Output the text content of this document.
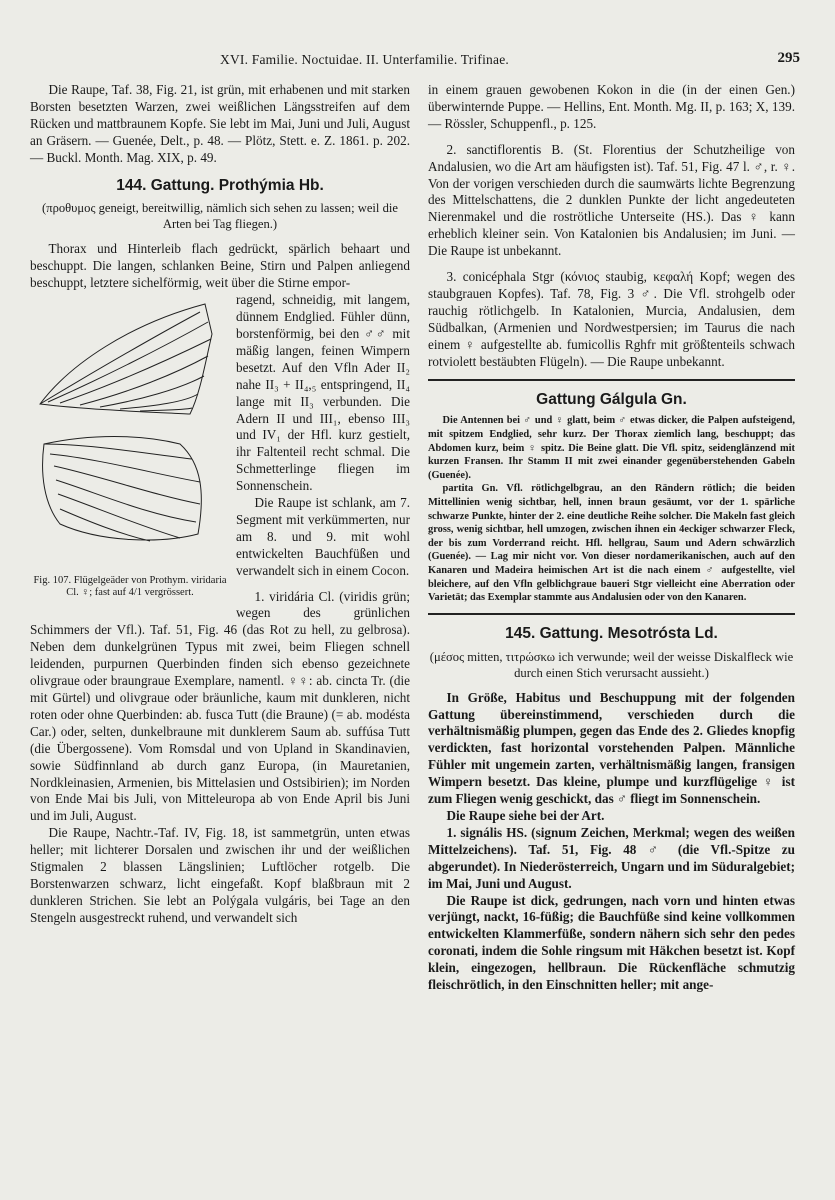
XVI. Familie. Noctuidae. II. Unterfamilie. Trifinae.	295

Die Raupe, Taf. 38, Fig. 21, ist grün, mit erhabenen und mit starken Borsten besetzten Warzen, zwei weißlichen Längsstreifen auf dem Rücken und mattbraunem Kopfe. Sie lebt im Mai, Juni und Juli, August an Gräsern. — Guenée, Delt., p. 48. — Plötz, Stett. e. Z. 1861. p. 202. — Buckl. Month. Mag. XIX, p. 49.

144. Gattung. Prothýmia Hb.

(προθυμος geneigt, bereitwillig, nämlich sich sehen zu lassen; weil die Arten bei Tag fliegen.)

Thorax und Hinterleib flach gedrückt, spärlich behaart und beschuppt. Die langen, schlanken Beine, Stirn und Palpen anliegend beschuppt, letztere sichelförmig, weit über die Stirne empor-

Fig. 107. Flügelgeäder von Prothym. viridaria Cl. ♀; fast auf 4/1 vergrössert.

ragend, schneidig, mit langem, dünnem Endglied. Fühler dünn, borstenförmig, bei den ♂♂ mit mäßig langen, feinen Wimpern besetzt. Auf den Vfln Ader II₂ nahe II₃ + II₄,₅ entspringend, II₄ lange mit II₃ verbunden. Die Adern II und III₁, ebenso III₃ und IV₁ der Hfl. kurz gestielt, ihr Faltenteil recht schmal. Die Schmetterlinge fliegen im Sonnenschein.

Die Raupe ist schlank, am 7. Segment mit verkümmerten, nur am 8. und 9. mit wohl entwickelten Bauchfüßen und verwandelt sich in einem Cocon.

1. viridária Cl. (viridis grün; wegen des grünlichen Schimmers der Vfl.). Taf. 51, Fig. 46 (das Rot zu hell, zu gelbrosa). Neben dem dunkelgrünen Typus mit zwei, beim Fliegen schnell leidenden, purpurnen Querbinden finden sich ebenso gezeichnete olivgraue oder braungraue Exemplare, namentl. ♀♀: ab. cincta Tr. (die mit Gürtel) und olivgraue oder bräunliche, kaum mit dunkleren, nicht roten oder ohne Querbinden: ab. fusca Tutt (die Braune) (= ab. modésta Car.) oder, selten, dunkelbraune mit dunklerem Saum ab. suffúsa Tutt (die Übergossene). Vom Romsdal und von Upland in Skandinavien, sowie Südfinnland ab durch ganz Europa, (in Mauretanien, Nordkleinasien, Armenien, bis Mittelasien und Ostsibirien); im Norden von Ende Mai bis Juli, von Mitteleuropa ab von Ende April bis Juni und im Juli, August.

Die Raupe, Nachtr.-Taf. IV, Fig. 18, ist sammetgrün, unten etwas heller; mit lichterer Dorsalen und zwischen ihr und der weißlichen Stigmalen 2 blassen Längslinien; Luftlöcher rotgelb. Die Borstenwarzen schwarz, licht eingefaßt. Kopf blaßbraun mit 2 dunkleren Strichen. Sie lebt an Polýgala vulgáris, bei Tage an den Stengeln ausgestreckt ruhend, und verwandelt sich

in einem grauen gewobenen Kokon in die (in der einen Gen.) überwinternde Puppe. — Hellins, Ent. Month. Mg. II, p. 163; X, 139. — Rössler, Schuppenfl., p. 125.

2. sanctiflorentis B. (St. Florentius der Schutzheilige von Andalusien, wo die Art am häufigsten ist). Taf. 51, Fig. 47 l. ♂, r. ♀. Von der vorigen verschieden durch die saumwärts lichte Begrenzung des Mittelschattens, die 2 dunklen Punkte der licht angedeuteten Nierenmakel und die roströtliche Unterseite (HS.). Das ♀ kann erheblich kleiner sein. Von Katalonien bis Andalusien; im Juni. — Die Raupe ist unbekannt.

3. conicéphala Stgr (κόνιος staubig, κεφαλή Kopf; wegen des staubgrauen Kopfes). Taf. 78, Fig. 3 ♂. Die Vfl. strohgelb oder rauchig rötlichgelb. In Katalonien, Murcia, Andalusien, dem Südbalkan, (Armenien und Nordwestpersien; im Taurus die nach einem ♀ aufgestellte ab. fumicollis Rghfr mit größtenteils schwach rotviolett bestäubten Flügeln). — Die Raupe unbekannt.

Gattung Gálgula Gn.

Die Antennen bei ♂ und ♀ glatt, beim ♂ etwas dicker, die Palpen aufsteigend, mit spitzem Endglied, sehr kurz. Der Thorax ziemlich lang, beschuppt; das Abdomen kurz, beim ♀ spitz. Die Beine glatt. Die Vfl. spitz, seidenglänzend mit kurzen Fransen. Ihr Stamm II mit zwei einander gegenüberstehenden Gabeln (Guenée).

partita Gn. Vfl. rötlichgelbgrau, an den Rändern rötlich; die beiden Mittellinien wenig sichtbar, hell, innen braun gesäumt, vor der 1. spärliche schwarze Punkte, hinter der 2. eine deutliche Reihe solcher. Die Makeln fast gleich gross, wenig sichtbar, hell umzogen, zwischen ihnen ein 4eckiger schwarzer Fleck, der bis zum Vorderrand reicht. Hfl. hellgrau, Saum und Adern schwärzlich (Guenée). — Lag mir nicht vor. Von dieser nordamerikanischen, auch auf den Kanaren und Madeira heimischen Art ist die nach einem ♂ aufgestellte, viel bleichere, auf den Vfln gelblichgraue baueri Stgr vielleicht eine Aberration oder Varietät; das Exemplar stammte aus Andalusien oder von den Kanaren.

145. Gattung. Mesotrósta Ld.

(μέσος mitten, τιτρώσκω ich verwunde; weil der weisse Diskalfleck wie durch einen Stich verursacht aussieht.)

In Größe, Habitus und Beschuppung mit der folgenden Gattung übereinstimmend, verschieden durch die verhältnismäßig plumpen, gegen das Ende des 2. Gliedes knopfig verdickten, fast horizontal vorstehenden Palpen. Männliche Fühler mit ungemein zarten, verhältnismäßig langen, fransigen Wimpern besetzt. Das kleine, plumpe und kurzflügelige ♀ ist zum Fliegen wenig geschickt, das ♂ fliegt im Sonnenschein.

Die Raupe siehe bei der Art.

1. signális HS. (signum Zeichen, Merkmal; wegen des weißen Mittelzeichens). Taf. 51, Fig. 48 ♂ (die Vfl.-Spitze zu abgerundet). In Niederösterreich, Ungarn und im Süduralgebiet; im Mai, Juni und August.

Die Raupe ist dick, gedrungen, nach vorn und hinten etwas verjüngt, nackt, 16-füßig; die Bauchfüße sind keine vollkommen entwickelten Klammerfüße, sondern nähern sich sehr den pedes coronati, indem die Sohle ringsum mit Häkchen besetzt ist. Kopf klein, eingezogen, hellbraun. Die Rückenfläche schmutzig fleischrötlich, in den Einschnitten heller; mit ange-
